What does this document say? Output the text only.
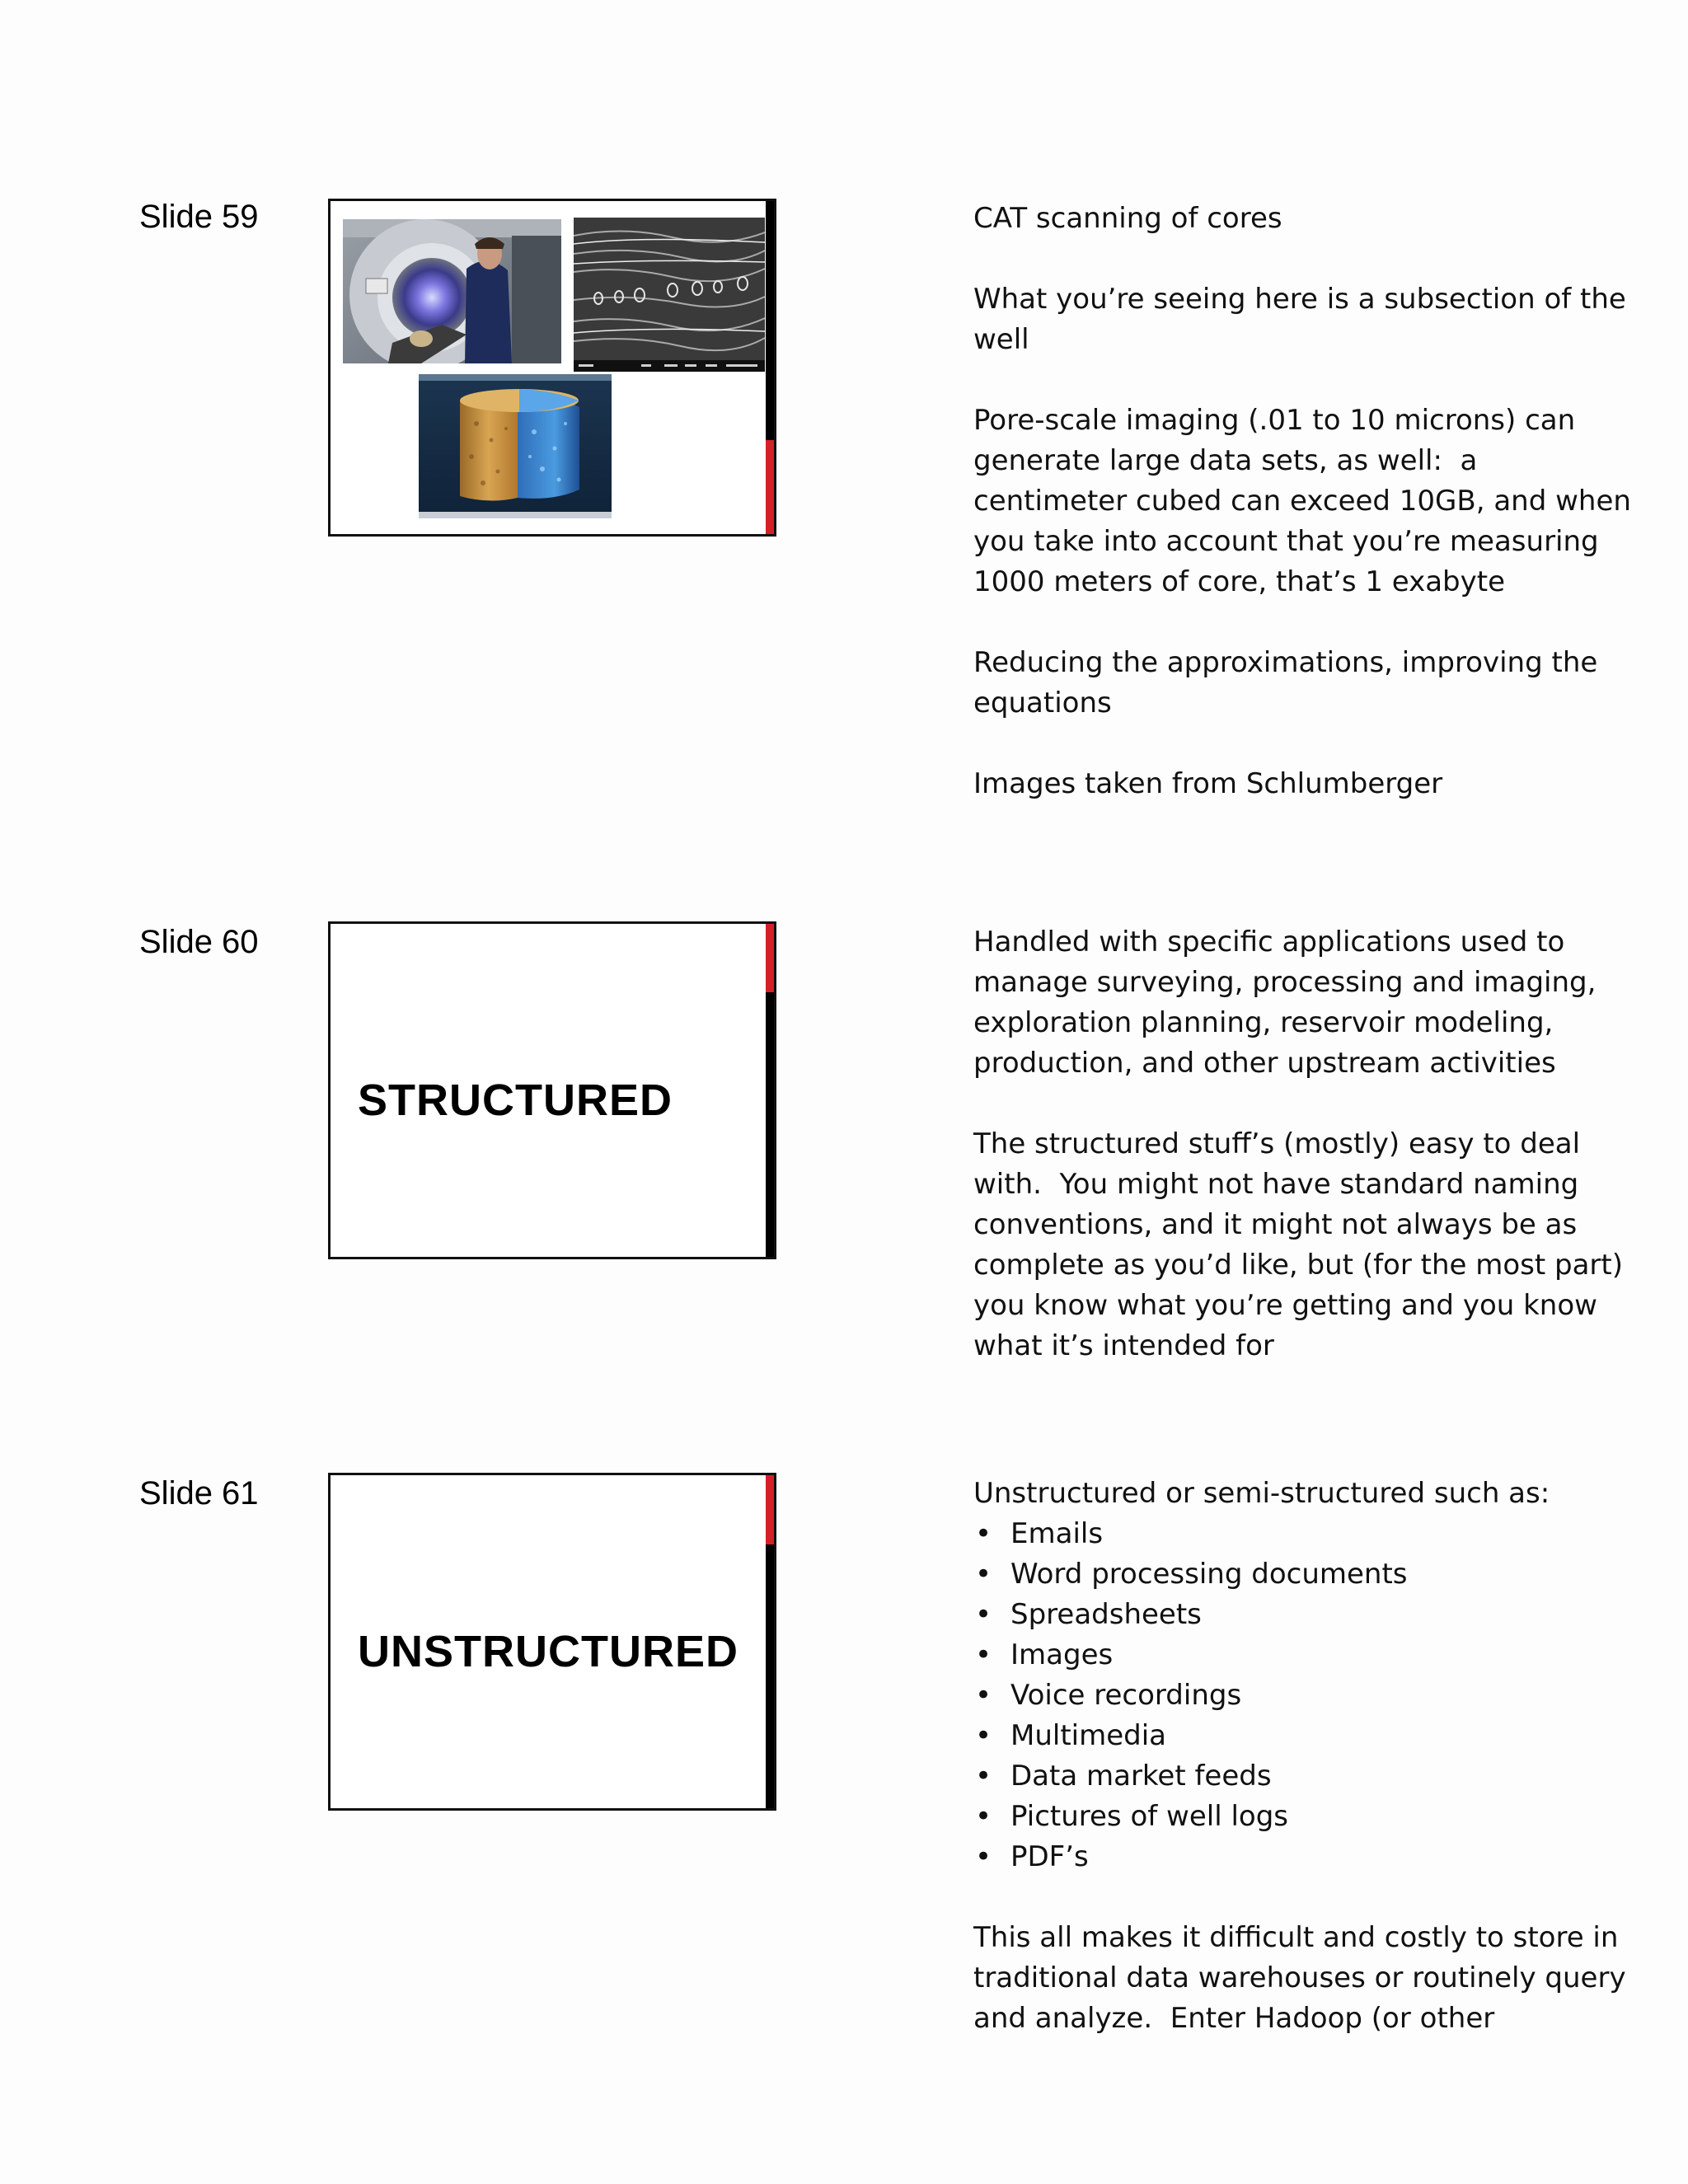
Slide 59	CAT scanning of cores

What you’re seeing here is a subsection of the well

Pore-scale imaging (.01 to 10 microns) can generate large data sets, as well:  a centimeter cubed can exceed 10GB, and when you take into account that you’re measuring 1000 meters of core, that’s 1 exabyte

Reducing the approximations, improving the equations

Images taken from Schlumberger

Slide 60
STRUCTURED

Handled with specific applications used to manage surveying, processing and imaging, exploration planning, reservoir modeling, production, and other upstream activities

The structured stuff’s (mostly) easy to deal with.  You might not have standard naming conventions, and it might not always be as complete as you’d like, but (for the most part) you know what you’re getting and you know what it’s intended for

Slide 61
UNSTRUCTURED

Unstructured or semi-structured such as:

• Emails
• Word processing documents
• Spreadsheets
• Images
• Voice recordings
• Multimedia
• Data market feeds
• Pictures of well logs
• PDF’s

This all makes it difficult and costly to store in traditional data warehouses or routinely query and analyze.  Enter Hadoop (or other
